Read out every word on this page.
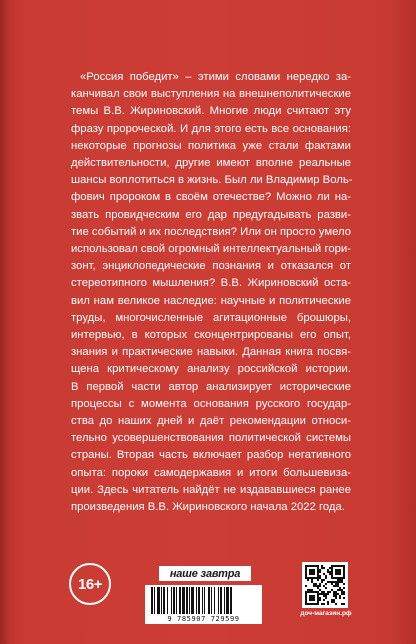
«Россия победит» – этими словами нередко за-
канчивал свои выступления на внешнеполитические
темы В.В. Жириновский. Многие люди считают эту
фразу пророческой. И для этого есть все основания:
некоторые прогнозы политика уже стали фактами
действительности, другие имеют вполне реальные
шансы воплотиться в жизнь. Был ли Владимир Воль-
фович пророком в своём отечестве? Можно ли на-
звать провидческим его дар предугадывать разви-
тие событий и их последствия? Или он просто умело
использовал свой огромный интеллектуальный гори-
зонт, энциклопедические познания и отказался от
стереотипного мышления? В.В. Жириновский оста-
вил нам великое наследие: научные и политические
труды, многочисленные агитационные брошюры,
интервью, в которых сконцентрированы его опыт,
знания и практические навыки. Данная книга посвя-
щена критическому анализу российской истории.
В первой части автор анализирует исторические
процессы с момента основания русского государ-
ства до наших дней и даёт рекомендации относи-
тельно усовершенствования политической системы
страны. Вторая часть включает разбор негативного
опыта: пороки самодержавия и итоги большевиза-
ции. Здесь читатель найдёт не издававшиеся ранее
произведения В.В. Жириновского начала 2022 года.
16+
наше завтра
9 785907 729599
доч-магазин.рф
